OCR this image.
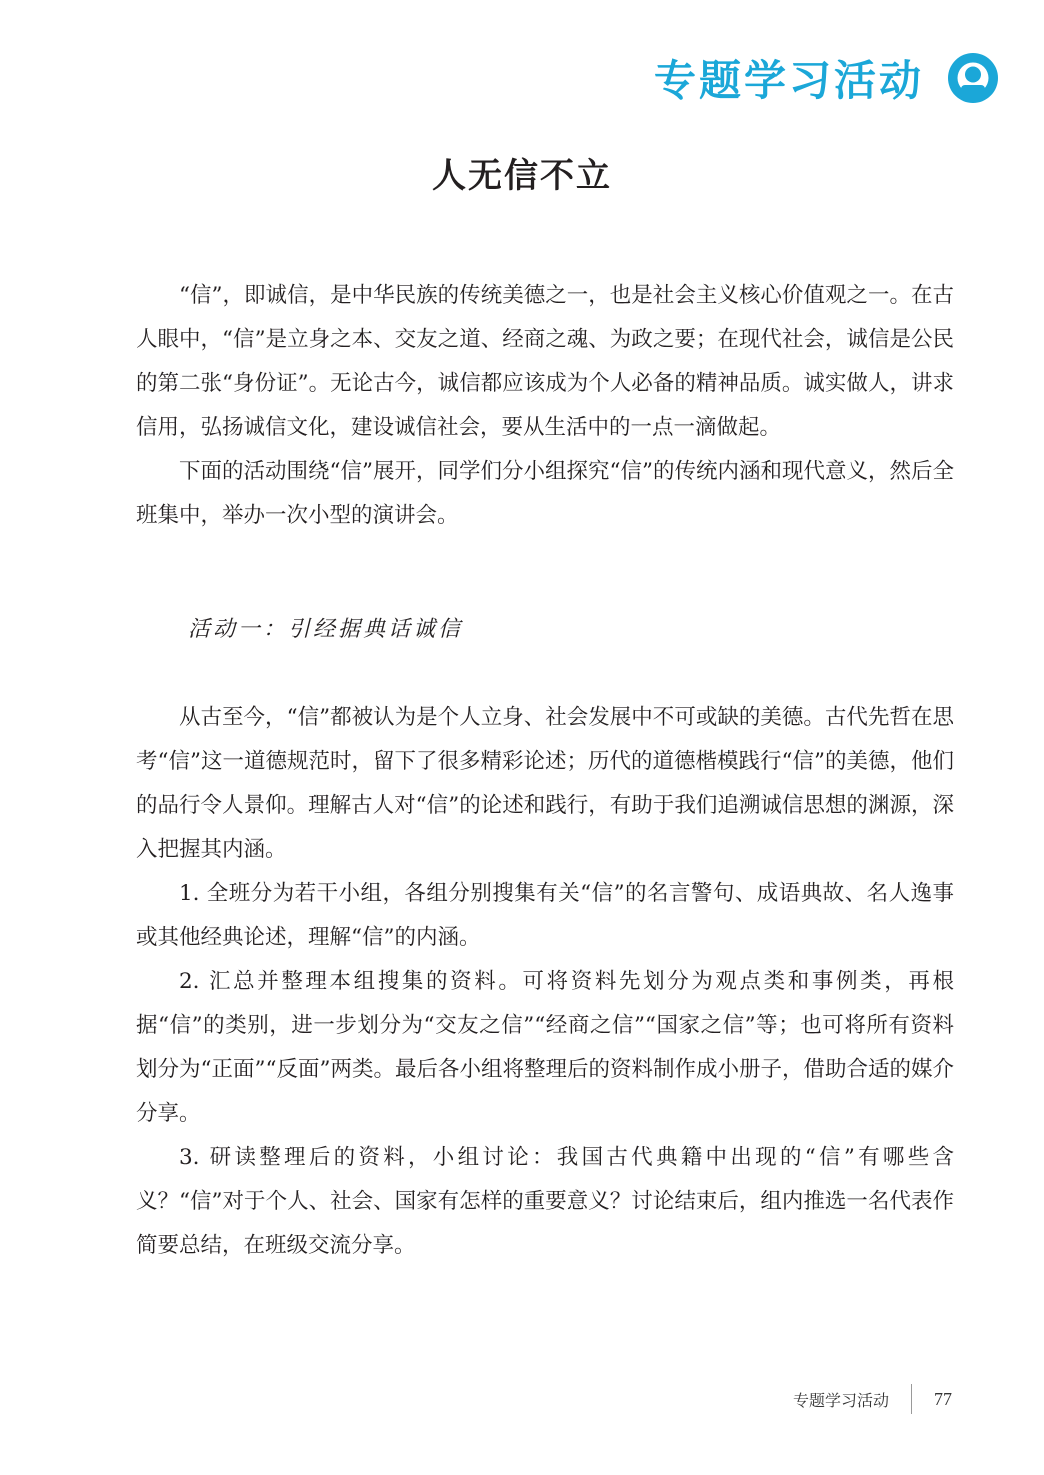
专题学习活动
人无信不立

“信”，即诚信，是中华民族的传统美德之一，也是社会主义核心价值观之一。在古人眼中，“信”是立身之本、交友之道、经商之魂、为政之要；在现代社会，诚信是公民的第二张“身份证”。无论古今，诚信都应该成为个人必备的精神品质。诚实做人，讲求信用，弘扬诚信文化，建设诚信社会，要从生活中的一点一滴做起。

下面的活动围绕“信”展开，同学们分小组探究“信”的传统内涵和现代意义，然后全班集中，举办一次小型的演讲会。

活动一：引经据典话诚信

从古至今，“信”都被认为是个人立身、社会发展中不可或缺的美德。古代先哲在思考“信”这一道德规范时，留下了很多精彩论述；历代的道德楷模践行“信”的美德，他们的品行令人景仰。理解古人对“信”的论述和践行，有助于我们追溯诚信思想的渊源，深入把握其内涵。

1. 全班分为若干小组，各组分别搜集有关“信”的名言警句、成语典故、名人逸事或其他经典论述，理解“信”的内涵。

2. 汇总并整理本组搜集的资料。可将资料先划分为观点类和事例类，再根据“信”的类别，进一步划分为“交友之信”“经商之信”“国家之信”等；也可将所有资料划分为“正面”“反面”两类。最后各小组将整理后的资料制作成小册子，借助合适的媒介分享。

3. 研读整理后的资料，小组讨论：我国古代典籍中出现的“信”有哪些含义？“信”对于个人、社会、国家有怎样的重要意义？讨论结束后，组内推选一名代表作简要总结，在班级交流分享。

专题学习活动	77
